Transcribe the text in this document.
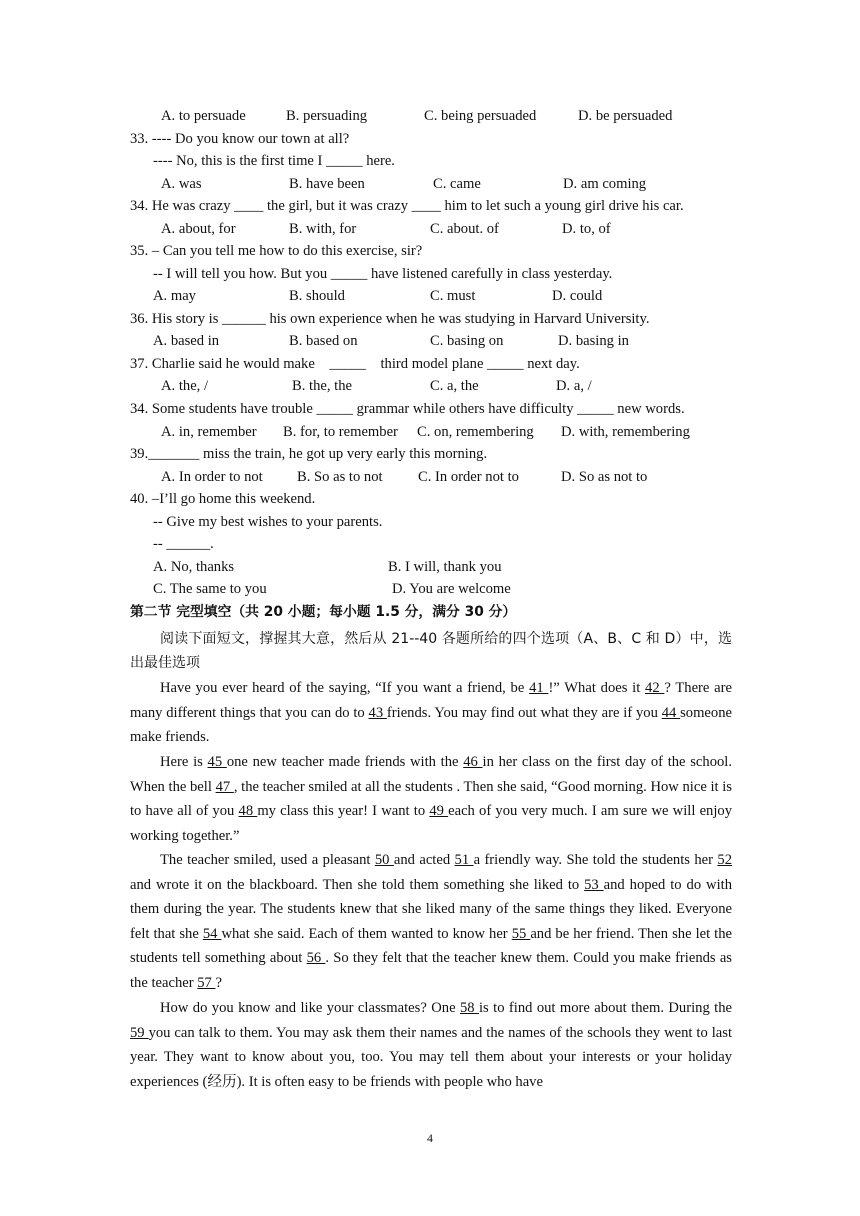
A. to persuade	B. persuading	C. being persuaded	D. be persuaded
33. ---- Do you know our town at all?
---- No, this is the first time I _____ here.
A. was	B. have been	C. came	D. am coming
34. He was crazy ____ the girl, but it was crazy ____ him to let such a young girl drive his car.
A. about, for	B. with, for	C. about. of	D. to, of
35. – Can you tell me how to do this exercise, sir?
-- I will tell you how. But you _____ have listened carefully in class yesterday.
A. may	B. should	C. must	D. could
36. His story is ______ his own experience when he was studying in Harvard University.
A. based in	B. based on	C. basing on	D. basing in
37. Charlie said he would make _____ third model plane _____ next day.
A. the, /	B. the, the	C. a, the	D. a, /
34. Some students have trouble _____ grammar while others have difficulty _____ new words.
A. in, remember B. for, to remember C. on, remembering D. with, remembering
39._______ miss the train, he got up very early this morning.
A. In order to not B. So as to not C. In order not to	D. So as not to
40. –I’ll go home this weekend.
-- Give my best wishes to your parents.
-- ______.
A. No, thanks	B. I will, thank you
C. The same to you	D. You are welcome
第二节 完型填空（共 20 小题；每小题 1.5 分，满分 30 分）
阅读下面短文，撑握其大意，然后从 21--40 各题所给的四个选项（A、B、C 和 D）中，选出最佳选项
Have you ever heard of the saying, “If you want a friend, be 41 !” What does it 42 ? There are many different things that you can do to 43 friends. You may find out what they are if you 44 someone make friends.
Here is 45 one new teacher made friends with the 46 in her class on the first day of the school. When the bell 47 , the teacher smiled at all the students . Then she said, “Good morning. How nice it is to have all of you 48 my class this year! I want to 49 each of you very much. I am sure we will enjoy working together.”
The teacher smiled, used a pleasant 50 and acted 51 a friendly way. She told the students her 52 and wrote it on the blackboard. Then she told them something she liked to 53 and hoped to do with them during the year. The students knew that she liked many of the same things they liked. Everyone felt that she 54 what she said. Each of them wanted to know her 55 and be her friend. Then she let the students tell something about 56 . So they felt that the teacher knew them. Could you make friends as the teacher 57 ?
How do you know and like your classmates? One 58 is to find out more about them. During the 59 you can talk to them. You may ask them their names and the names of the schools they went to last year. They want to know about you, too. You may tell them about your interests or your holiday experiences (经历). It is often easy to be friends with people who have
4
